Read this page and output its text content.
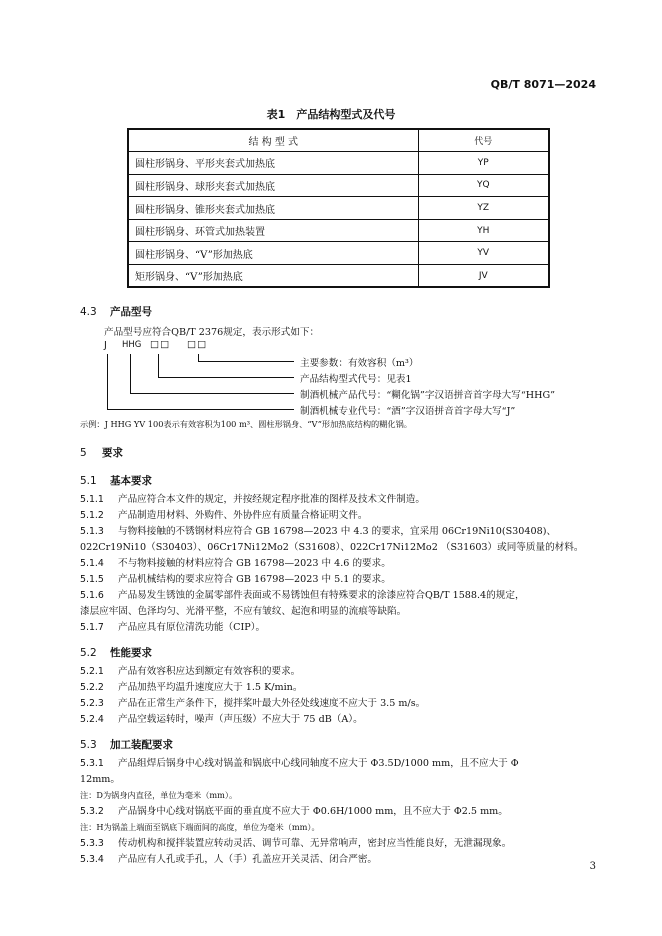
QB/T 8071—2024
表1　产品结构型式及代号
结 构 型 式	代号
圆柱形锅身、平形夹套式加热底	YP
圆柱形锅身、球形夹套式加热底	YQ
圆柱形锅身、锥形夹套式加热底	YZ
圆柱形锅身、环管式加热装置	YH
圆柱形锅身、“V”形加热底	YV
矩形锅身、“V”形加热底	JV
4.3 产品型号
产品型号应符合QB/T 2376规定，表示形式如下：
J HHG □□ □□
主要参数：有效容积（m³）
产品结构型式代号：见表1
制酒机械产品代号：“糊化锅”字汉语拼音首字母大写“HHG”
制酒机械专业代号：“酒”字汉语拼音首字母大写“J”
示例：J HHG YV 100表示有效容积为100 m³、圆柱形锅身、“V”形加热底结构的糊化锅。
5 要求
5.1 基本要求
5.1.1 产品应符合本文件的规定，并按经规定程序批准的图样及技术文件制造。
5.1.2 产品制造用材料、外购件、外协件应有质量合格证明文件。
5.1.3 与物料接触的不锈钢材料应符合 GB 16798—2023 中 4.3 的要求，宜采用 06Cr19Ni10(S30408)、
022Cr19Ni10（S30403）、06Cr17Ni12Mo2（S31608）、022Cr17Ni12Mo2 （S31603）或同等质量的材料。
5.1.4 不与物料接触的材料应符合 GB 16798—2023 中 4.6 的要求。
5.1.5 产品机械结构的要求应符合 GB 16798—2023 中 5.1 的要求。
5.1.6 产品易发生锈蚀的金属零部件表面或不易锈蚀但有特殊要求的涂漆应符合QB/T 1588.4的规定，
漆层应牢固、色泽均匀、光滑平整，不应有皱纹、起泡和明显的流痕等缺陷。
5.1.7 产品应具有原位清洗功能（CIP）。
5.2 性能要求
5.2.1 产品有效容积应达到额定有效容积的要求。
5.2.2 产品加热平均温升速度应大于 1.5 K/min。
5.2.3 产品在正常生产条件下，搅拌桨叶最大外径处线速度不应大于 3.5 m/s。
5.2.4 产品空载运转时，噪声（声压级）不应大于 75 dB（A）。
5.3 加工装配要求
5.3.1 产品组焊后锅身中心线对锅盖和锅底中心线同轴度不应大于 Φ3.5D/1000 mm，且不应大于 Φ
12mm。
注：D为锅身内直径，单位为毫米（mm）。
5.3.2 产品锅身中心线对锅底平面的垂直度不应大于 Φ0.6H/1000 mm，且不应大于 Φ2.5 mm。
注：H为锅盖上端面至锅底下端面间的高度，单位为毫米（mm）。
5.3.3 传动机构和搅拌装置应转动灵活、调节可靠、无异常响声，密封应当性能良好，无泄漏现象。
5.3.4 产品应有人孔或手孔，人（手）孔盖应开关灵活、闭合严密。
3
